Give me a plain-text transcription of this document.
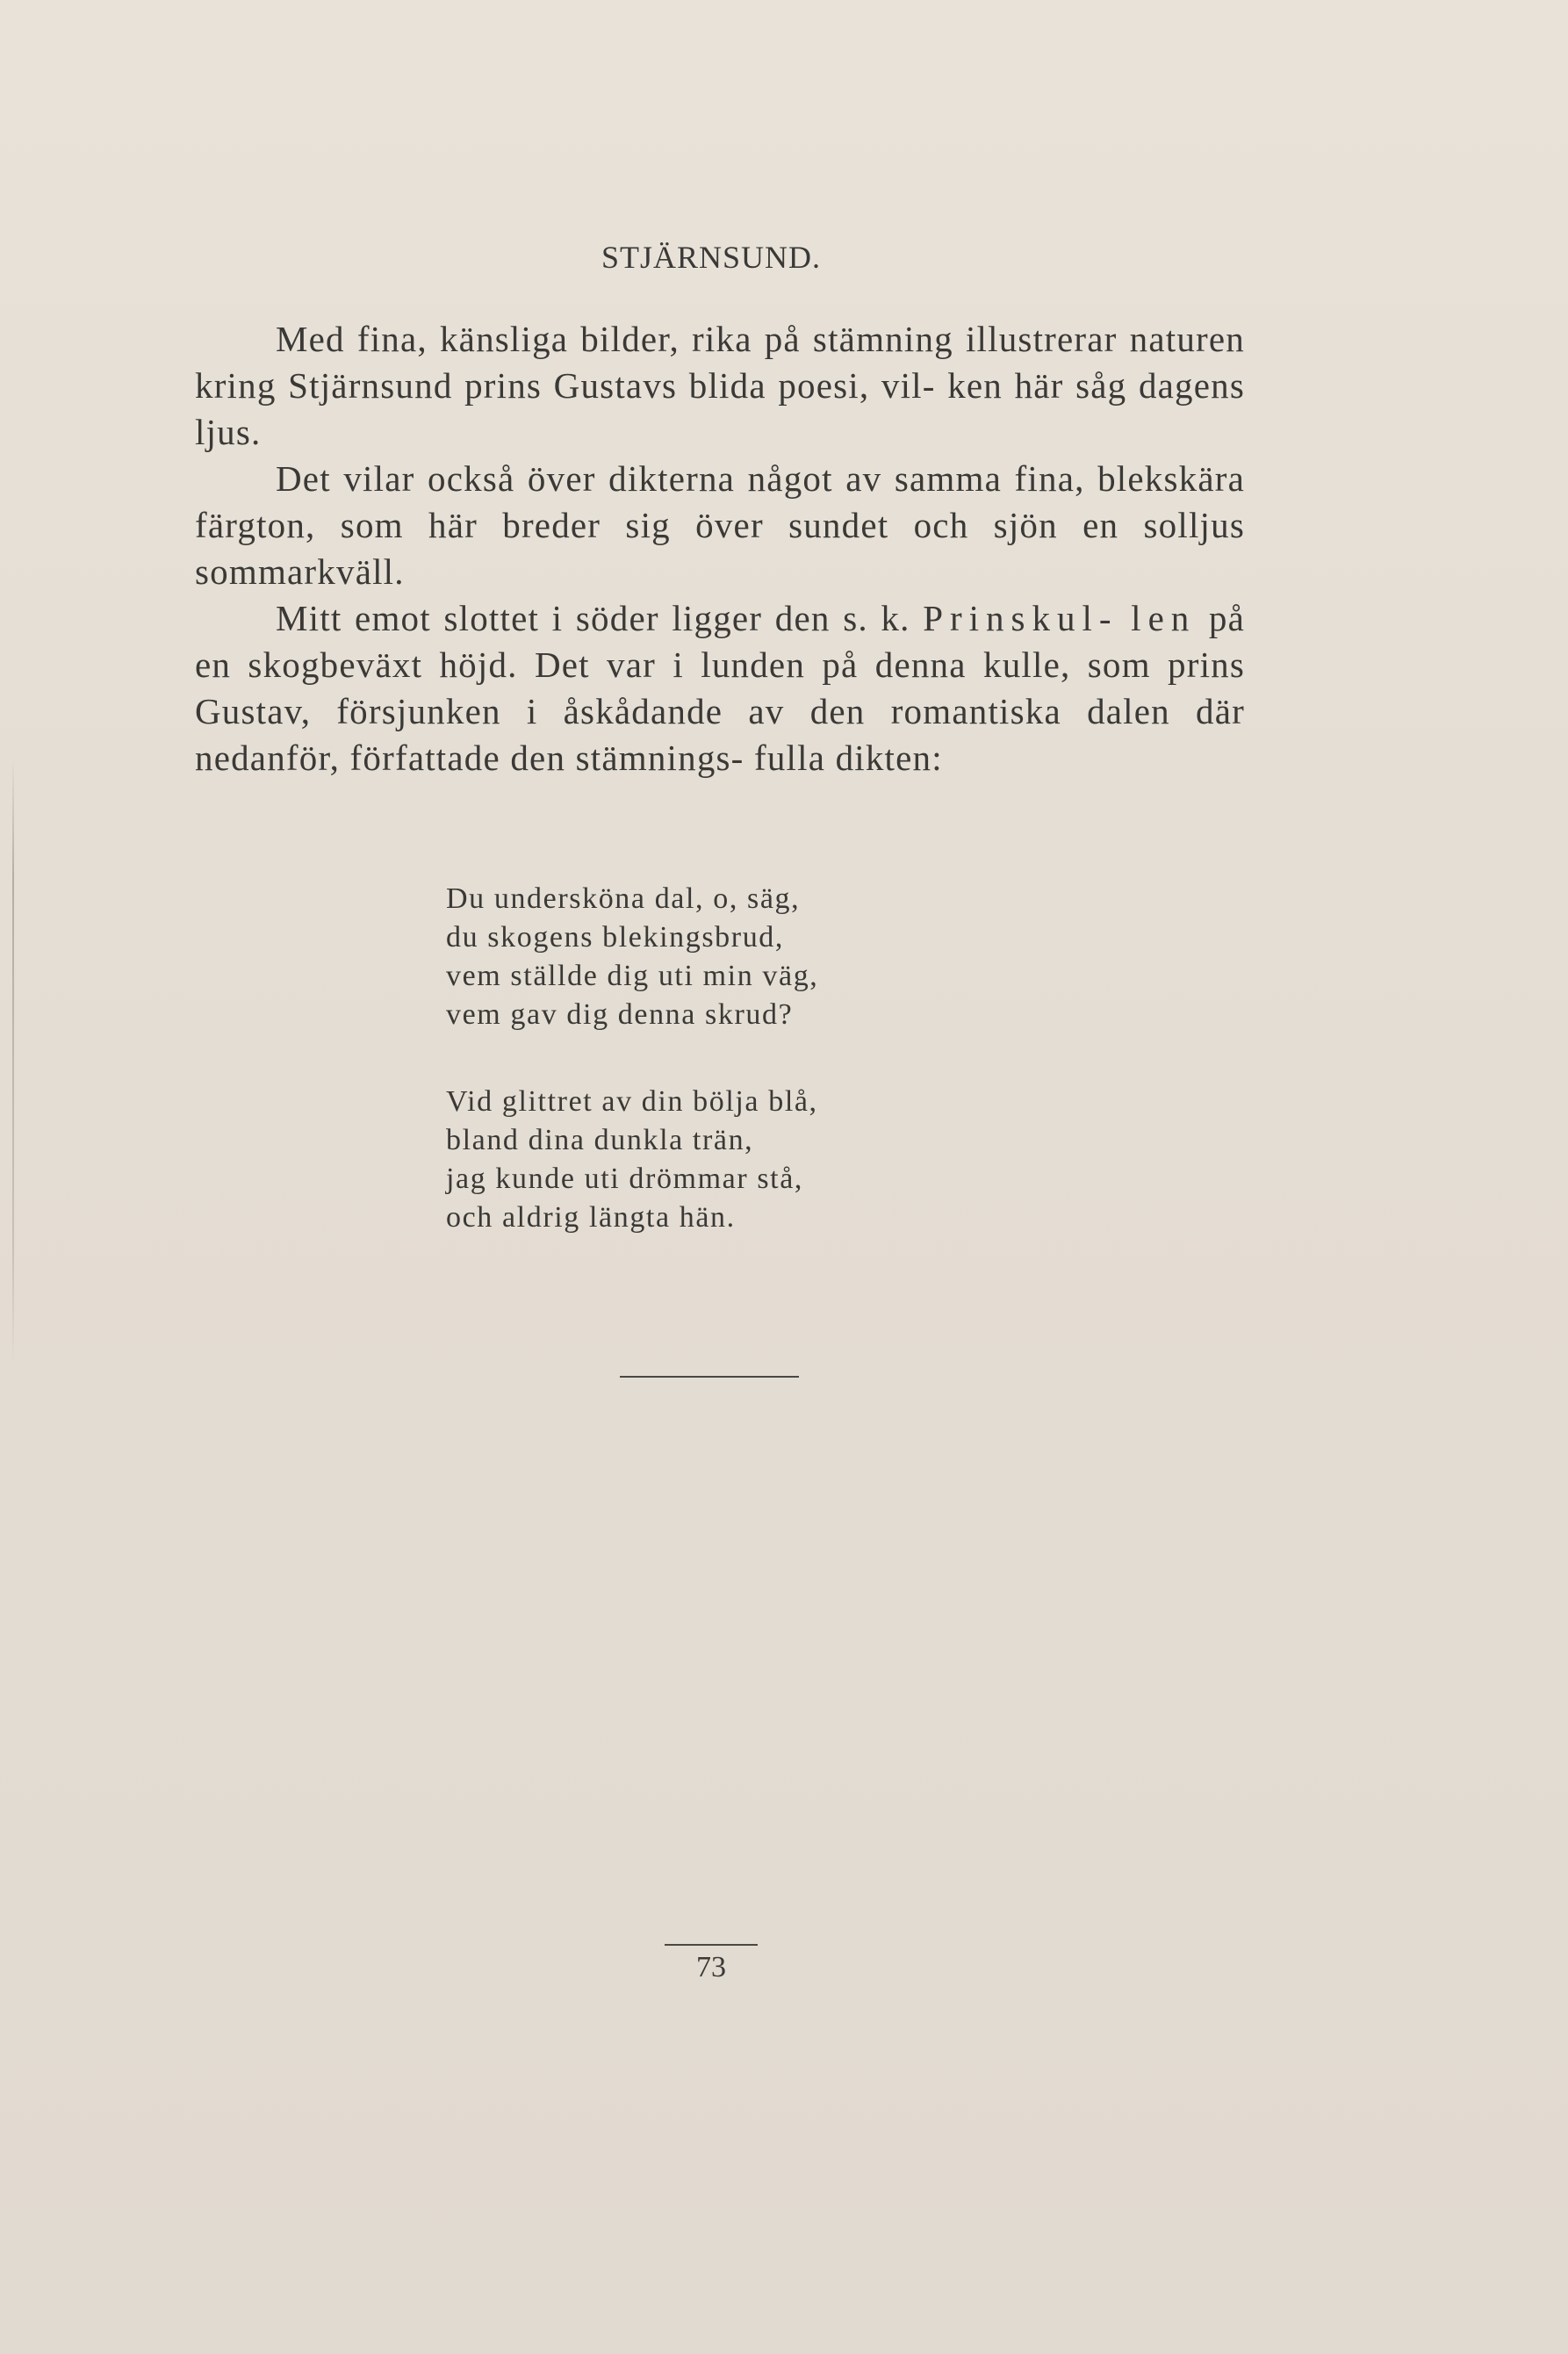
STJÄRNSUND.

Med fina, känsliga bilder, rika på stämning illustrerar naturen kring Stjärnsund prins Gustavs blida poesi, vil- ken här såg dagens ljus.

Det vilar också över dikterna något av samma fina, blekskära färgton, som här breder sig över sundet och sjön en solljus sommarkväll.

Mitt emot slottet i söder ligger den s. k. Prinskul- len på en skogbeväxt höjd. Det var i lunden på denna kulle, som prins Gustav, försjunken i åskådande av den romantiska dalen där nedanför, författade den stämnings- fulla dikten:

Du undersköna dal, o, säg,
du skogens blekingsbrud,
vem ställde dig uti min väg,
vem gav dig denna skrud?
Vid glittret av din bölja blå,
bland dina dunkla trän,
jag kunde uti drömmar stå,
och aldrig längta hän.
73
